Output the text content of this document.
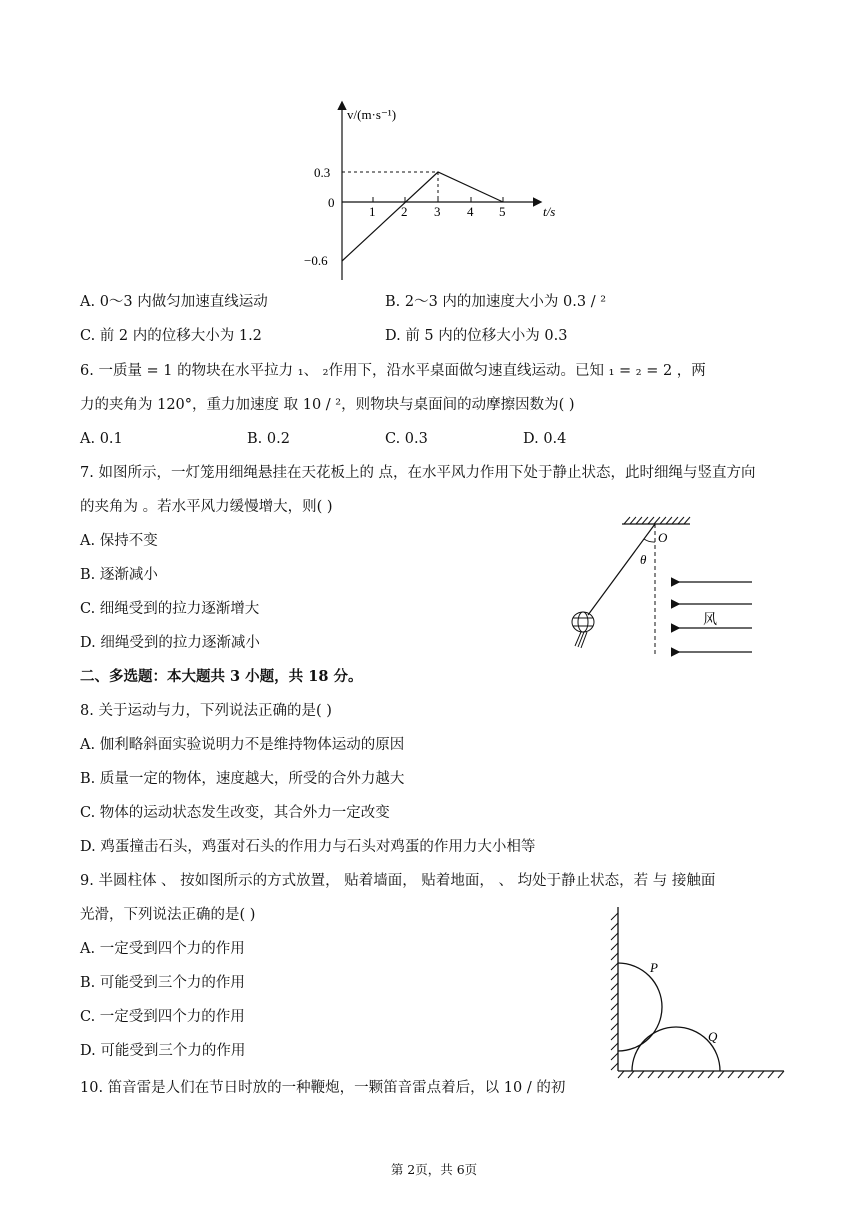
v/(m·s⁻¹)
t/s
0.3
0
−0.6
1 2 3 4 5
A. 0～3 内做匀加速直线运动	B. 2～3 内的加速度大小为 0.3 / ²
C. 前 2 内的位移大小为 1.2	D. 前 5 内的位移大小为 0.3
6. 一质量 = 1 的物块在水平拉力 ₁、 ₂作用下，沿水平桌面做匀速直线运动。已知 ₁ = ₂ = 2 ，两
力的夹角为 120°，重力加速度 取 10 / ²，则物块与桌面间的动摩擦因数为( )
A. 0.1	B. 0.2	C. 0.3	D. 0.4
7. 如图所示，一灯笼用细绳悬挂在天花板上的 点，在水平风力作用下处于静止状态，此时细绳与竖直方向
的夹角为 。若水平风力缓慢增大，则( )
A. 保持不变
B. 逐渐减小
C. 细绳受到的拉力逐渐增大
D. 细绳受到的拉力逐渐减小
O
θ
风
二、多选题：本大题共 3 小题，共 18 分。
8. 关于运动与力，下列说法正确的是( )
A. 伽利略斜面实验说明力不是维持物体运动的原因
B. 质量一定的物体，速度越大，所受的合外力越大
C. 物体的运动状态发生改变，其合外力一定改变
D. 鸡蛋撞击石头，鸡蛋对石头的作用力与石头对鸡蛋的作用力大小相等
9. 半圆柱体 、 按如图所示的方式放置， 贴着墙面， 贴着地面， 、 均处于静止状态，若 与 接触面
光滑，下列说法正确的是( )
A. 一定受到四个力的作用
B. 可能受到三个力的作用
C. 一定受到四个力的作用
D. 可能受到三个力的作用
P
Q
10. 笛音雷是人们在节日时放的一种鞭炮，一颗笛音雷点着后，以 10 / 的初
第 2页，共 6页
